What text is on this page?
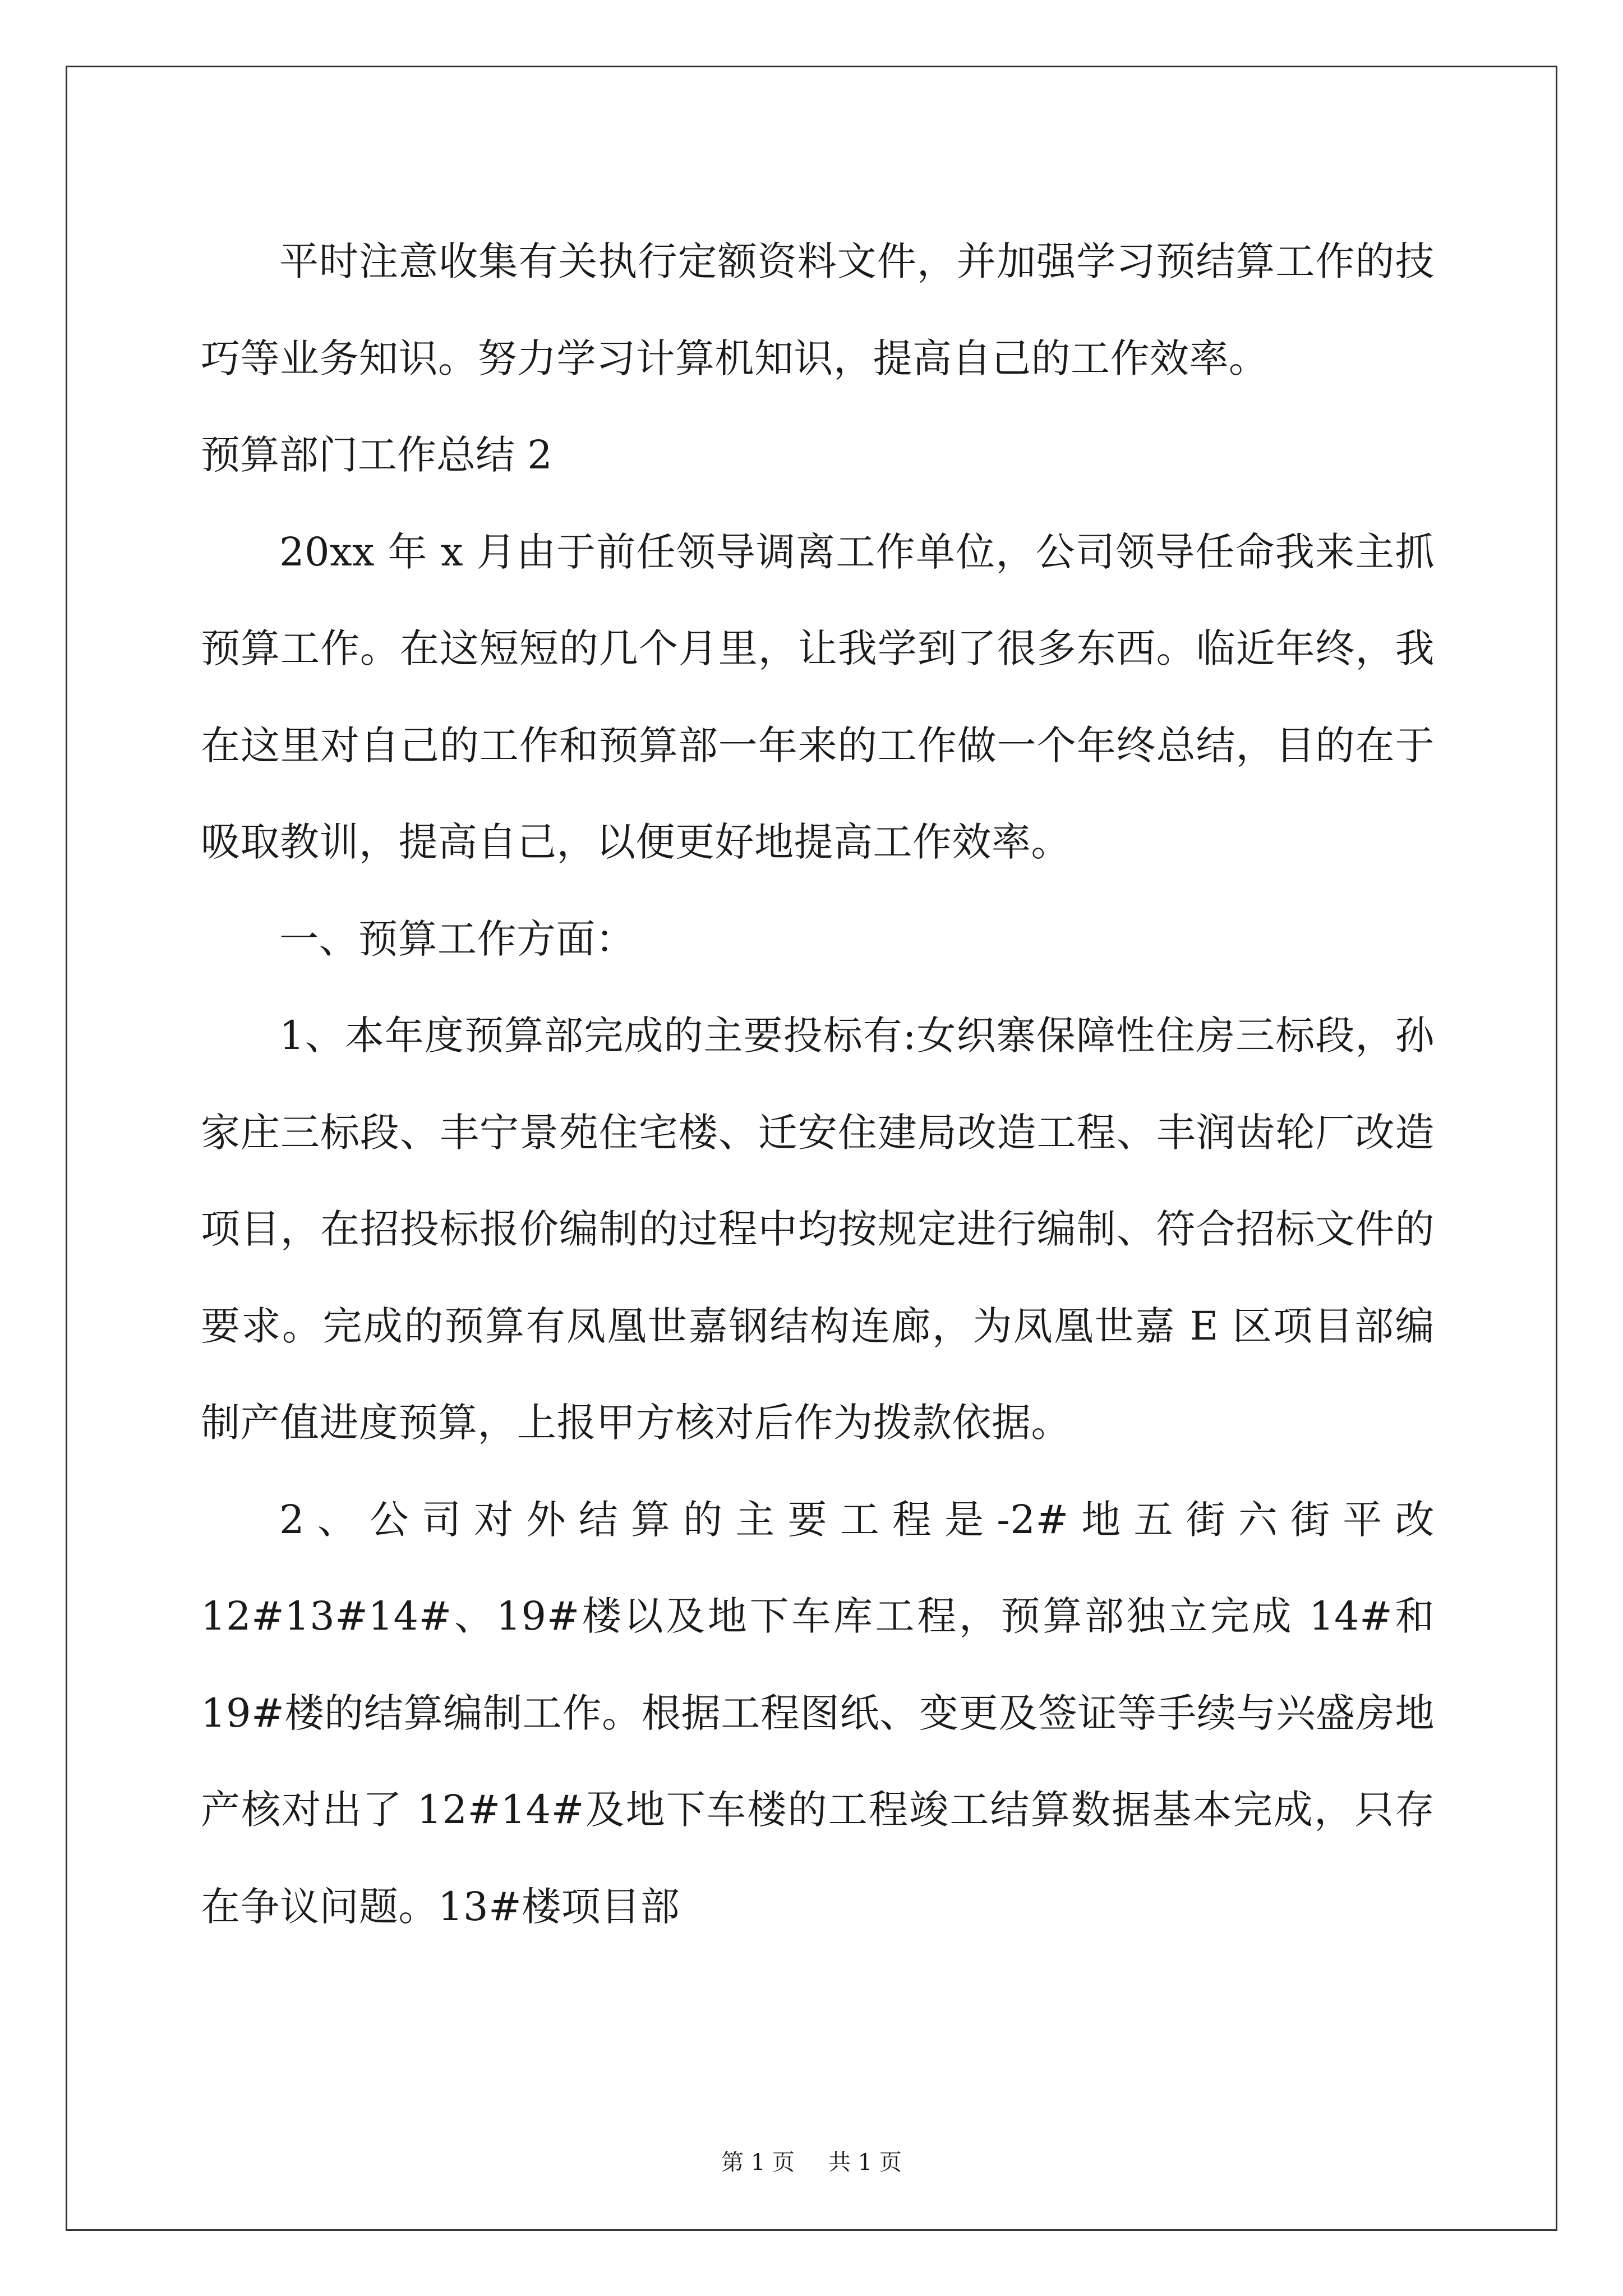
平时注意收集有关执行定额资料文件，并加强学习预结算工作的技巧等业务知识。努力学习计算机知识，提高自己的工作效率。

预算部门工作总结 2

20xx 年 x 月由于前任领导调离工作单位，公司领导任命我来主抓预算工作。在这短短的几个月里，让我学到了很多东西。临近年终，我在这里对自己的工作和预算部一年来的工作做一个年终总结，目的在于吸取教训，提高自己，以便更好地提高工作效率。

一、预算工作方面：

1、本年度预算部完成的主要投标有:女织寨保障性住房三标段，孙家庄三标段、丰宁景苑住宅楼、迁安住建局改造工程、丰润齿轮厂改造项目，在招投标报价编制的过程中均按规定进行编制、符合招标文件的要求。完成的预算有凤凰世嘉钢结构连廊，为凤凰世嘉 E 区项目部编制产值进度预算，上报甲方核对后作为拨款依据。

2、公司对外结算的主要工程是-2#地五街六街平改 12#13#14#、19#楼以及地下车库工程，预算部独立完成 14#和 19#楼的结算编制工作。根据工程图纸、变更及签证等手续与兴盛房地产核对出了 12#14#及地下车楼的工程竣工结算数据基本完成，只存在争议问题。13#楼项目部

第 1 页 共 1 页
